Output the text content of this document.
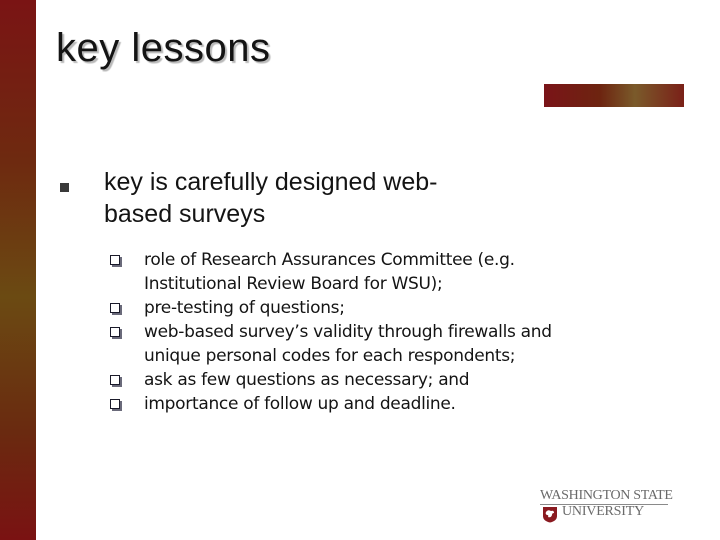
key lessons
key is carefully designed web-based surveys
role of Research Assurances Committee (e.g. Institutional Review Board for WSU);
pre-testing of questions;
web-based survey’s validity through firewalls and unique personal codes for each respondents;
ask as few questions as necessary; and
importance of follow up and deadline.
WASHINGTON STATE
UNIVERSITY
